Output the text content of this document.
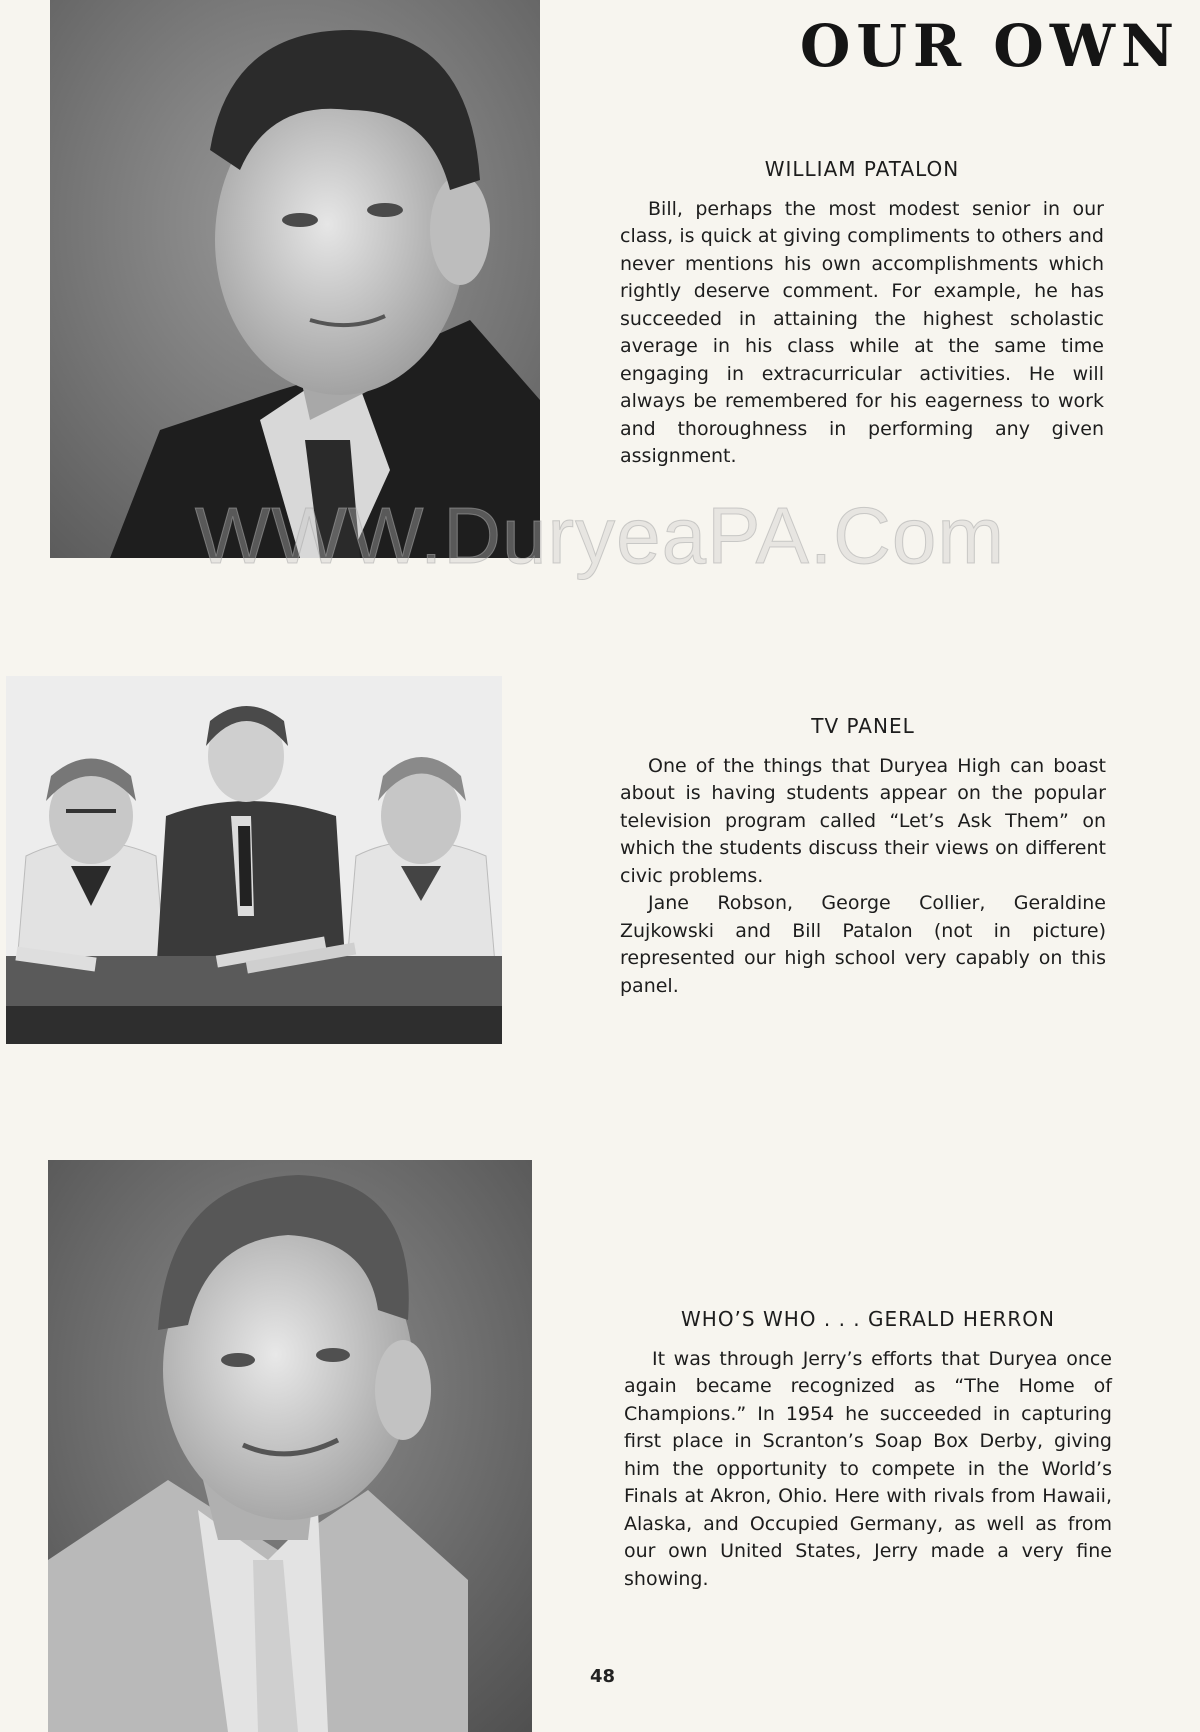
OUR OWN
WILLIAM PATALON

Bill, perhaps the most modest senior in our class, is quick at giving compliments to others and never mentions his own accomplishments which rightly deserve comment. For example, he has succeeded in attaining the highest scholastic average in his class while at the same time engaging in extracurricular activities. He will always be remembered for his eagerness to work and thoroughness in performing any given assignment.

WWW.DuryeaPA.Com
TV PANEL

One of the things that Duryea High can boast about is having students appear on the popular television program called “Let’s Ask Them” on which the students discuss their views on different civic problems.

Jane Robson, George Collier, Geraldine Zujkowski and Bill Patalon (not in picture) represented our high school very capably on this panel.

WHO’S WHO . . . GERALD HERRON

It was through Jerry’s efforts that Duryea once again became recognized as “The Home of Champions.” In 1954 he succeeded in capturing first place in Scranton’s Soap Box Derby, giving him the opportunity to compete in the World’s Finals at Akron, Ohio. Here with rivals from Hawaii, Alaska, and Occupied Germany, as well as from our own United States, Jerry made a very fine showing.

48
